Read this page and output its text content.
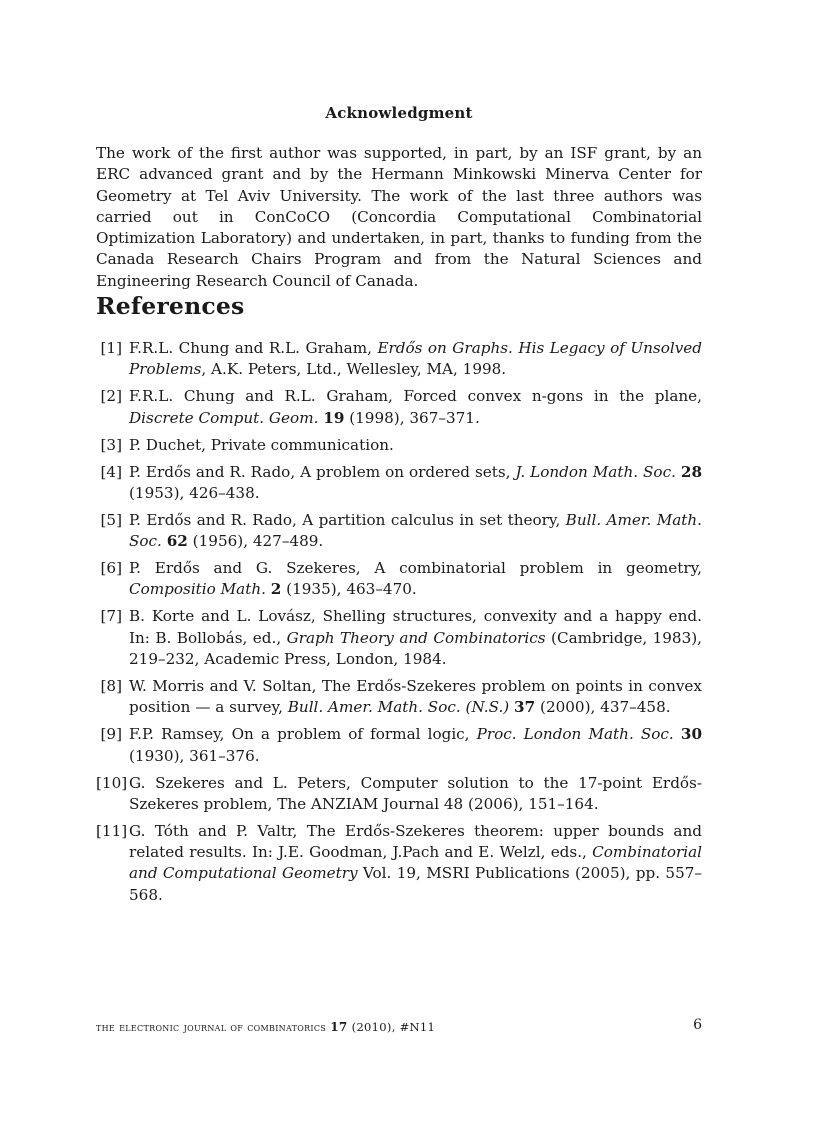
Acknowledgment
The work of the first author was supported, in part, by an ISF grant, by an ERC advanced grant and by the Hermann Minkowski Minerva Center for Geometry at Tel Aviv University. The work of the last three authors was carried out in ConCoCO (Concordia Computational Combinatorial Optimization Laboratory) and undertaken, in part, thanks to funding from the Canada Research Chairs Program and from the Natural Sciences and Engineering Research Council of Canada.
References
[1] F.R.L. Chung and R.L. Graham, Erdős on Graphs. His Legacy of Unsolved Problems, A.K. Peters, Ltd., Wellesley, MA, 1998.
[2] F.R.L. Chung and R.L. Graham, Forced convex n-gons in the plane, Discrete Comput. Geom. 19 (1998), 367–371.
[3] P. Duchet, Private communication.
[4] P. Erdős and R. Rado, A problem on ordered sets, J. London Math. Soc. 28 (1953), 426–438.
[5] P. Erdős and R. Rado, A partition calculus in set theory, Bull. Amer. Math. Soc. 62 (1956), 427–489.
[6] P. Erdős and G. Szekeres, A combinatorial problem in geometry, Compositio Math. 2 (1935), 463–470.
[7] B. Korte and L. Lovász, Shelling structures, convexity and a happy end. In: B. Bollobás, ed., Graph Theory and Combinatorics (Cambridge, 1983), 219–232, Academic Press, London, 1984.
[8] W. Morris and V. Soltan, The Erdős-Szekeres problem on points in convex position — a survey, Bull. Amer. Math. Soc. (N.S.) 37 (2000), 437–458.
[9] F.P. Ramsey, On a problem of formal logic, Proc. London Math. Soc. 30 (1930), 361–376.
[10] G. Szekeres and L. Peters, Computer solution to the 17-point Erdős-Szekeres problem, The ANZIAM Journal 48 (2006), 151–164.
[11] G. Tóth and P. Valtr, The Erdős-Szekeres theorem: upper bounds and related results. In: J.E. Goodman, J.Pach and E. Welzl, eds., Combinatorial and Computational Geometry Vol. 19, MSRI Publications (2005), pp. 557–568.
the electronic journal of combinatorics 17 (2010), #N11	6
